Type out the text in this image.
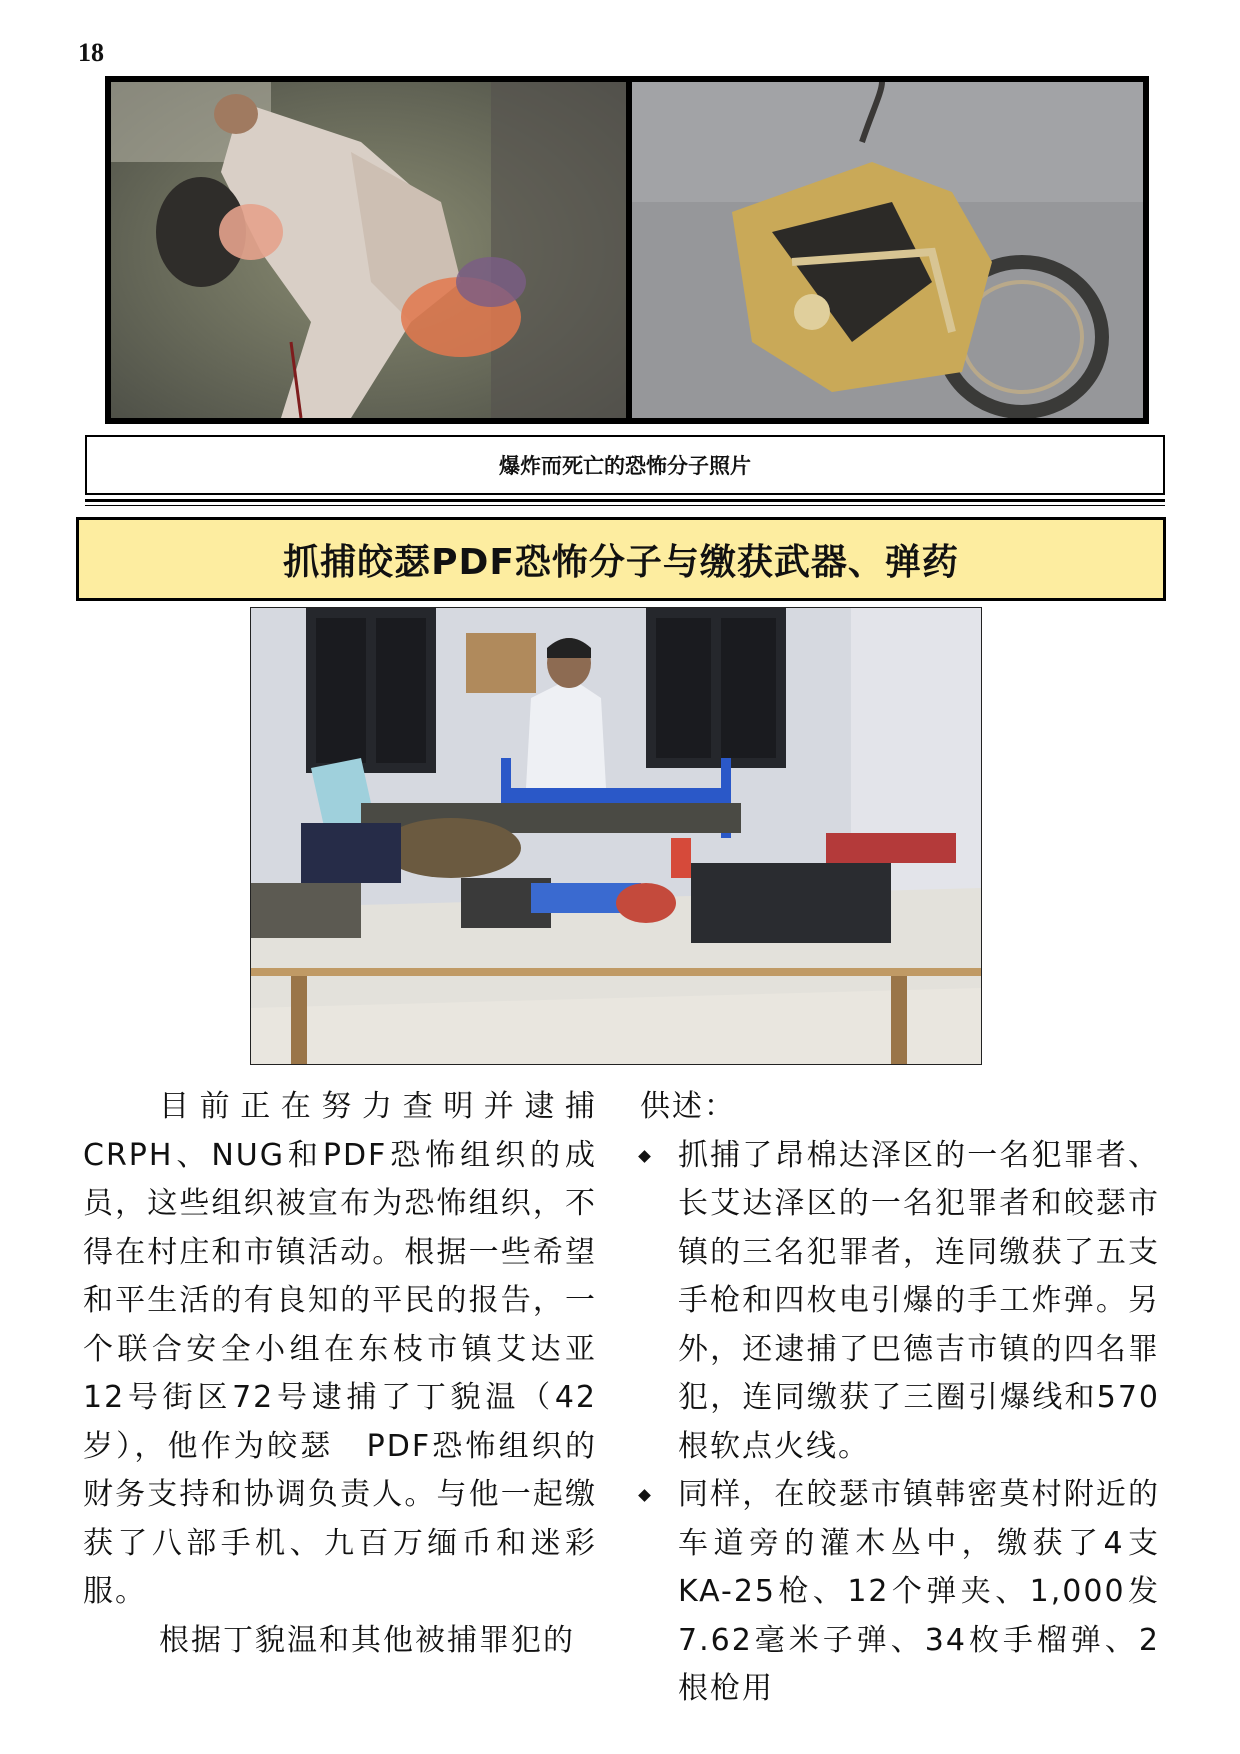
18
爆炸而死亡的恐怖分子照片
抓捕皎瑟PDF恐怖分子与缴获武器、弹药

目前正在努力查明并逮捕CRPH、NUG和PDF恐怖组织的成员，这些组织被宣布为恐怖组织，不得在村庄和市镇活动。根据一些希望和平生活的有良知的平民的报告，一个联合安全小组在东枝市镇艾达亚12号街区72号逮捕了丁貌温（42岁），他作为皎瑟　PDF恐怖组织的财务支持和协调负责人。与他一起缴获了八部手机、九百万缅币和迷彩服。

根据丁貌温和其他被捕罪犯的

供述：

抓捕了昂棉达泽区的一名犯罪者、长艾达泽区的一名犯罪者和皎瑟市镇的三名犯罪者，连同缴获了五支手枪和四枚电引爆的手工炸弹。另外，还逮捕了巴德吉市镇的四名罪犯，连同缴获了三圈引爆线和570根软点火线。
同样，在皎瑟市镇韩密莫村附近的车道旁的灌木丛中，缴获了4支KA-25枪、12个弹夹、1,000发7.62毫米子弹、34枚手榴弹、2根枪用
